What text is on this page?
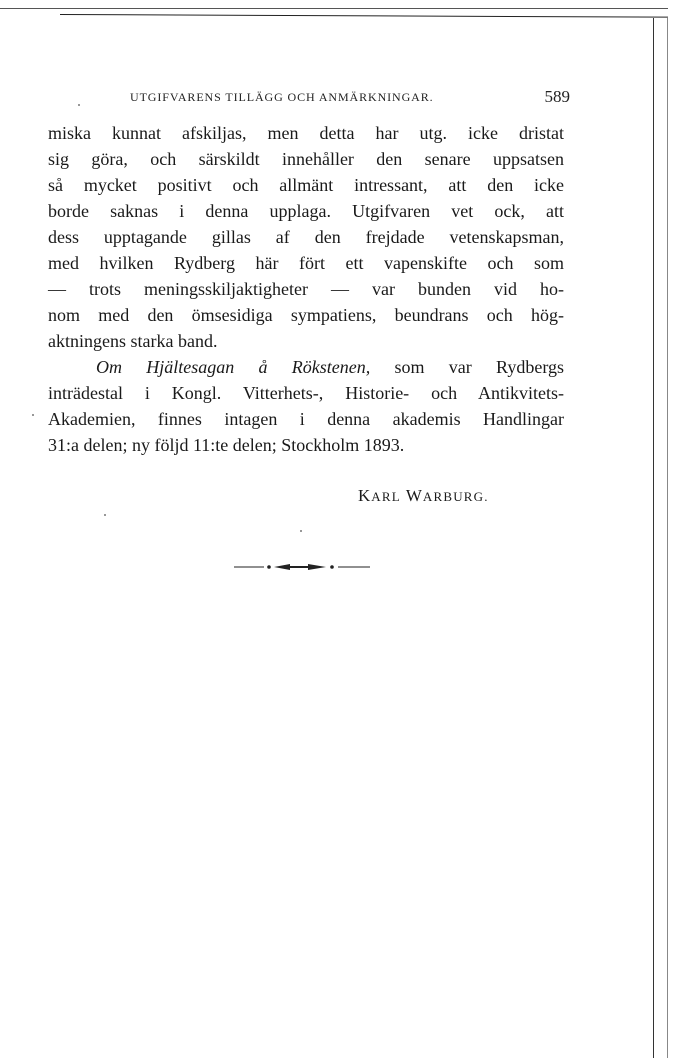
UTGIFVARENS TILLÄGG OCH ANMÄRKNINGAR.	589

miska kunnat afskiljas, men detta har utg. icke dristat

sig göra, och särskildt innehåller den senare uppsatsen

så mycket positivt och allmänt intressant, att den icke

borde saknas i denna upplaga. Utgifvaren vet ock, att

dess upptagande gillas af den frejdade vetenskapsman,

med hvilken Rydberg här fört ett vapenskifte och som

— trots meningsskiljaktigheter — var bunden vid ho-

nom med den ömsesidiga sympatiens, beundrans och hög-

aktningens starka band.

Om Hjältesagan å Rökstenen, som var Rydbergs

inträdestal i Kongl. Vitterhets-, Historie- och Antikvitets-

Akademien, finnes intagen i denna akademis Handlingar

31:a delen; ny följd 11:te delen; Stockholm 1893.

KARL WARBURG.
